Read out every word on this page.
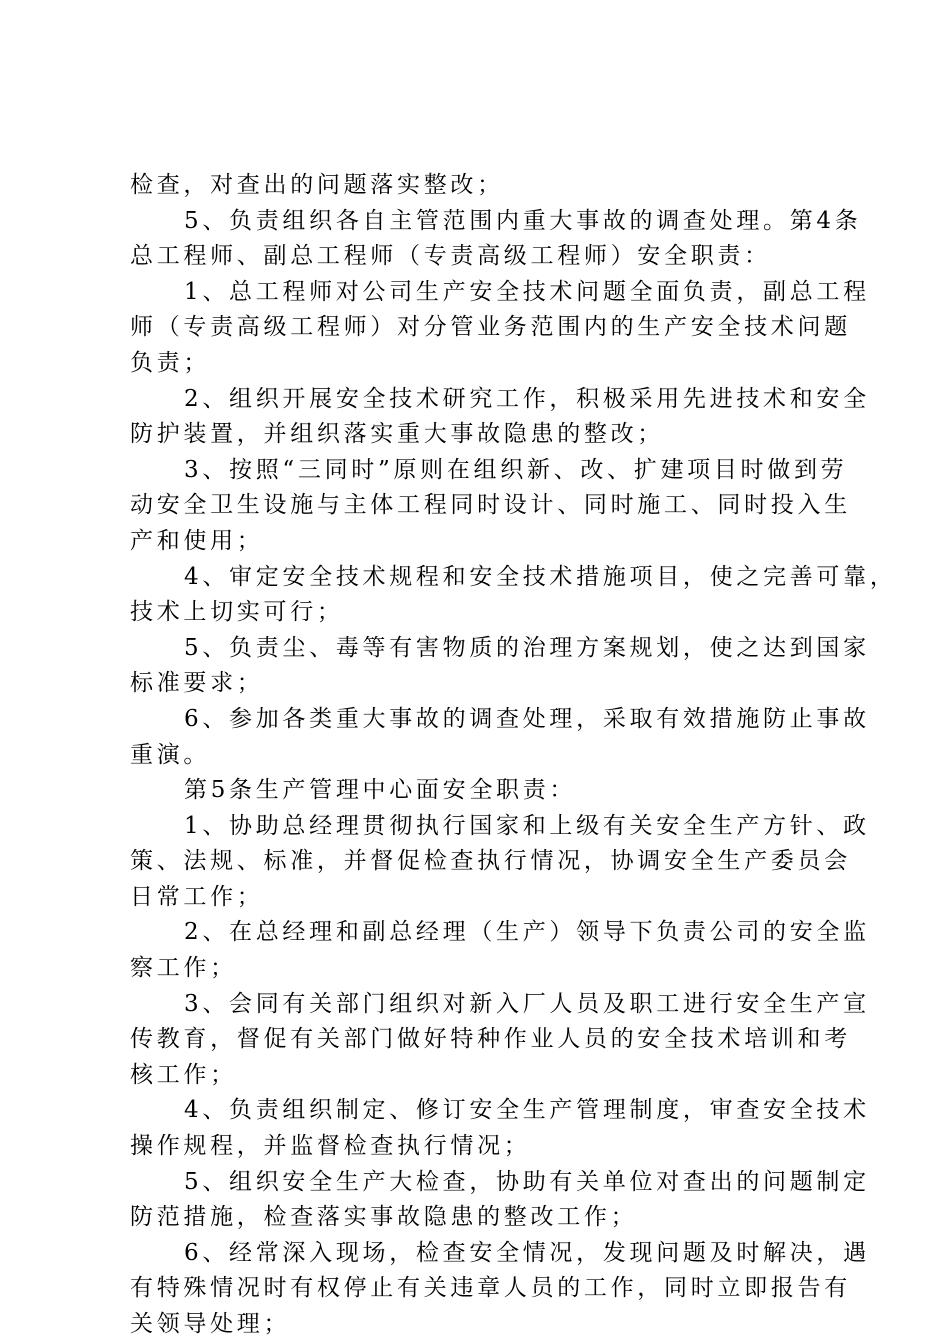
检查，对查出的问题落实整改；
5、负责组织各自主管范围内重大事故的调查处理。第4条
总工程师、副总工程师（专责高级工程师）安全职责：
1、总工程师对公司生产安全技术问题全面负责，副总工程
师（专责高级工程师）对分管业务范围内的生产安全技术问题
负责；
2、组织开展安全技术研究工作，积极采用先进技术和安全
防护装置，并组织落实重大事故隐患的整改；
3、按照“三同时”原则在组织新、改、扩建项目时做到劳
动安全卫生设施与主体工程同时设计、同时施工、同时投入生
产和使用；
4、审定安全技术规程和安全技术措施项目，使之完善可靠，
技术上切实可行；
5、负责尘、毒等有害物质的治理方案规划，使之达到国家
标准要求；
6、参加各类重大事故的调查处理，采取有效措施防止事故
重演。
第5条生产管理中心面安全职责：
1、协助总经理贯彻执行国家和上级有关安全生产方针、政
策、法规、标准，并督促检查执行情况，协调安全生产委员会
日常工作；
2、在总经理和副总经理（生产）领导下负责公司的安全监
察工作；
3、会同有关部门组织对新入厂人员及职工进行安全生产宣
传教育，督促有关部门做好特种作业人员的安全技术培训和考
核工作；
4、负责组织制定、修订安全生产管理制度，审查安全技术
操作规程，并监督检查执行情况；
5、组织安全生产大检查，协助有关单位对查出的问题制定
防范措施，检查落实事故隐患的整改工作；
6、经常深入现场，检查安全情况，发现问题及时解决，遇
有特殊情况时有权停止有关违章人员的工作，同时立即报告有
关领导处理；
